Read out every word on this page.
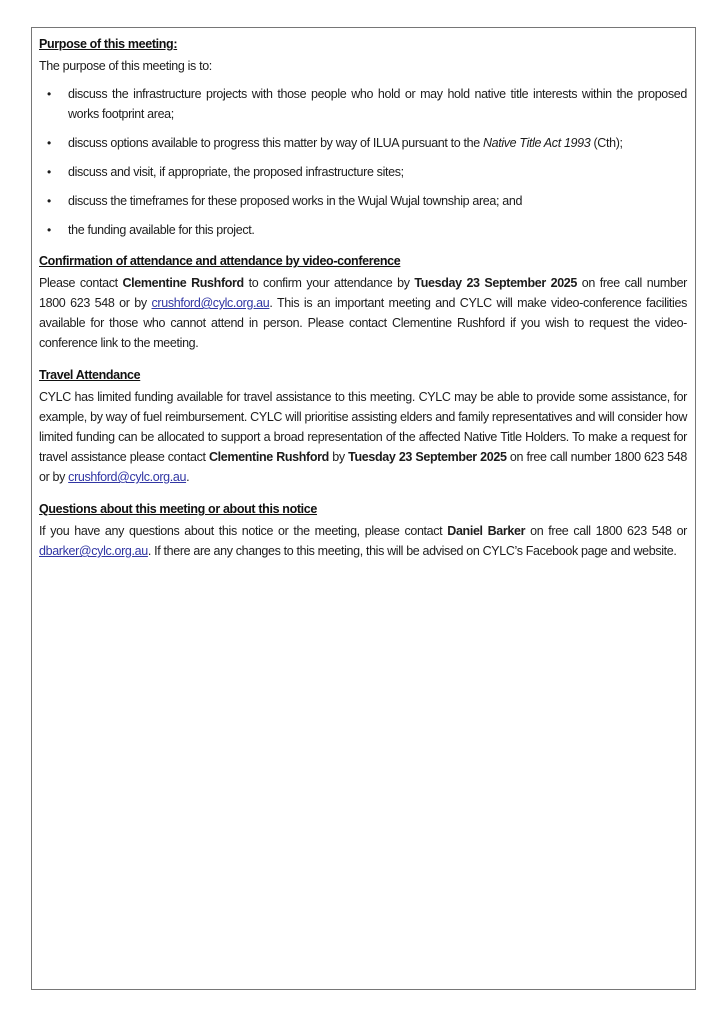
Purpose of this meeting:

The purpose of this meeting is to:

•	discuss the infrastructure projects with those people who hold or may hold native title interests within the proposed works footprint area;
•	discuss options available to progress this matter by way of ILUA pursuant to the Native Title Act 1993 (Cth);
•	discuss and visit, if appropriate, the proposed infrastructure sites;
•	discuss the timeframes for these proposed works in the Wujal Wujal township area; and
•	the funding available for this project.
Confirmation of attendance and attendance by video-conference

Please contact Clementine Rushford to confirm your attendance by Tuesday 23 September 2025 on free call number 1800 623 548 or by crushford@cylc.org.au. This is an important meeting and CYLC will make video-conference facilities available for those who cannot attend in person. Please contact Clementine Rushford if you wish to request the video-conference link to the meeting.

Travel Attendance

CYLC has limited funding available for travel assistance to this meeting. CYLC may be able to provide some assistance, for example, by way of fuel reimbursement. CYLC will prioritise assisting elders and family representatives and will consider how limited funding can be allocated to support a broad representation of the affected Native Title Holders. To make a request for travel assistance please contact Clementine Rushford by Tuesday 23 September 2025 on free call number 1800 623 548 or by crushford@cylc.org.au.

Questions about this meeting or about this notice

If you have any questions about this notice or the meeting, please contact Daniel Barker on free call 1800 623 548 or dbarker@cylc.org.au. If there are any changes to this meeting, this will be advised on CYLC’s Facebook page and website.
